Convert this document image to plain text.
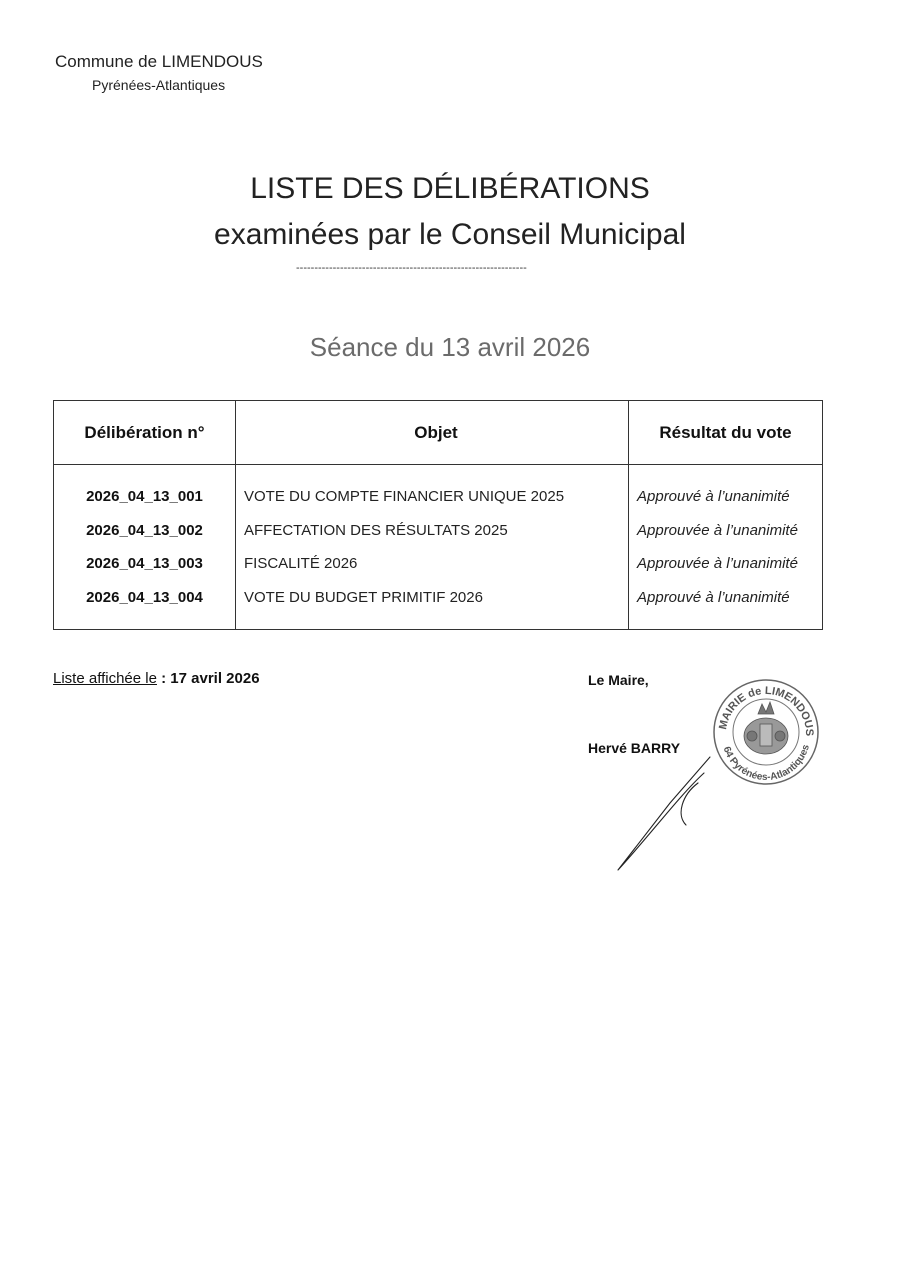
Commune de LIMENDOUS
Pyrénées-Atlantiques
LISTE DES DÉLIBÉRATIONS
examinées par le Conseil Municipal
---------------------------------------------------------------
Séance du 13 avril 2026
Délibération n°	Objet	Résultat du vote

2026_04_13_001	VOTE DU COMPTE FINANCIER UNIQUE 2025	Approuvé à l’unanimité
2026_04_13_002	AFFECTATION DES RÉSULTATS 2025	Approuvée à l’unanimité
2026_04_13_003	FISCALITÉ 2026	Approuvée à l’unanimité
2026_04_13_004	VOTE DU BUDGET PRIMITIF 2026	Approuvé à l’unanimité

Liste affichée le : 17 avril 2026	Le Maire,
Hervé BARRY
MAIRIE de LIMENDOUS
64 Pyrénées-Atlantiques
